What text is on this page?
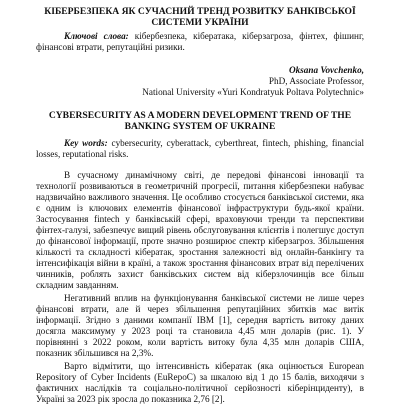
КІБЕРБЕЗПЕКА ЯК СУЧАСНИЙ ТРЕНД РОЗВИТКУ БАНКІВСЬКОЇ СИСТЕМИ УКРАЇНИ

Ключові слова: кібербезпека, кібератака, кіберзагроза, фінтех, фішинг, фінансові втрати, репутаційні ризики.

Oksana Vovchenko,
PhD, Associate Professor,
National University «Yuri Kondratyuk Poltava Polytechnic»

CYBERSECURITY AS A MODERN DEVELOPMENT TREND OF THE BANKING SYSTEM OF UKRAINE

Key words: cybersecurity, cyberattack, cyberthreat, fintech, phishing, financial losses, reputational risks.

В сучасному динамічному світі, де передові фінансові інновації та технології розвиваються в геометричній прогресії, питання кібербезпеки набуває надзвичайно важливого значення. Це особливо стосується банківської системи, яка є одним із ключових елементів фінансової інфраструктури будь-якої країни. Застосування fintech у банківській сфері, враховуючи тренди та перспективи фінтех-галузі, забезпечує вищий рівень обслуговування клієнтів і полегшує доступ до фінансової інформації, проте значно розширює спектр кіберзагроз. Збільшення кількості та складності кібератак, зростання залежності від онлайн-банкінгу та інтенсифікація війни в країні, а також зростання фінансових втрат від перелічених чинників, роблять захист банківських систем від кіберзлочинців все більш складним завданням.

Негативний вплив на функціонування банківської системи не лише через фінансові втрати, але й через збільшення репутаційних збитків має витік інформації. Згідно з даними компанії IBM [1], середня вартість витоку даних досягла максимуму у 2023 році та становила 4,45 млн доларів (рис. 1). У порівнянні з 2022 роком, коли вартість витоку була 4,35 млн доларів США, показник збільшився на 2,3%.

Варто відмітити, що інтенсивність кібератак (яка оцінюється European Repository of Cyber Incidents (EuRepoC) за шкалою від 1 до 15 балів, виходячи з фактичних наслідків та соціально-політичної серйозності кіберінциденту), в Україні за 2023 рік зросла до показника 2,76 [2].
